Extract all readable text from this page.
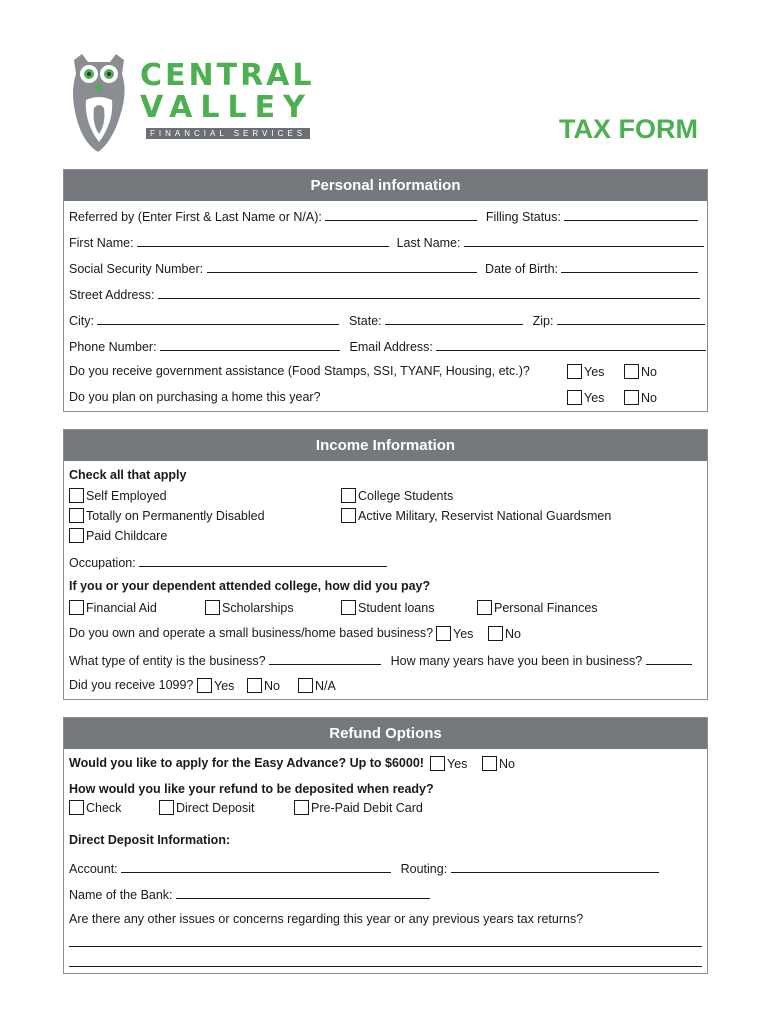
CENTRAL
VALLEY
FINANCIAL SERVICES	TAX FORM
Personal information
Referred by (Enter First & Last Name or N/A):	Filling Status:
First Name:	Last Name:
Social Security Number:	Date of Birth:
Street Address:
City:	State:	Zip:
Phone Number:	Email Address:
Do you receive government assistance (Food Stamps, SSI, TYANF, Housing, etc.)?	Yes	No
Do you plan on purchasing a home this year?	Yes	No
Income Information
Check all that apply
Self Employed	College Students
Totally on Permanently Disabled	Active Military, Reservist National Guardsmen
Paid Childcare
Occupation:
If you or your dependent attended college, how did you pay?
Financial Aid	Scholarships	Student loans	Personal Finances
Do you own and operate a small business/home based business?	Yes	No
What type of entity is the business?	How many years have you been in business?
Did you receive 1099?	Yes	No	N/A
Refund Options
Would you like to apply for the Easy Advance? Up to $6000!	Yes	No
How would you like your refund to be deposited when ready?
Check	Direct Deposit	Pre-Paid Debit Card
Direct Deposit Information:
Account:	Routing:
Name of the Bank:
Are there any other issues or concerns regarding this year or any previous years tax returns?
